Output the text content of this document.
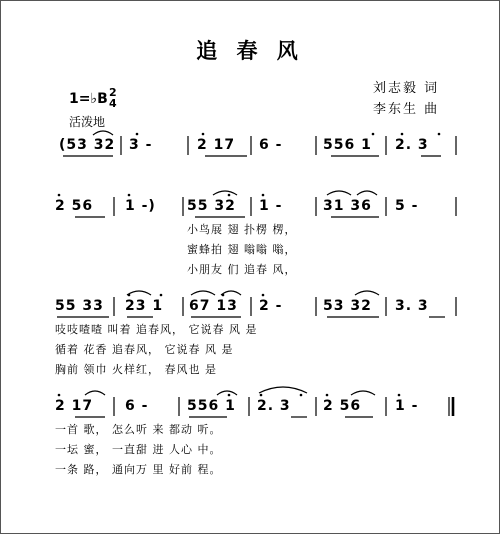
追 春 风
刘志毅 词
李东生 曲
1=♭B 2
4
活泼地
(53 32 3 -	2 17 6 -	556 1 2. 3
2 56 1 -) 55 32 1 -	31 36 5 -
小鸟展 翅 扑楞 楞，
蜜蜂拍 翅 嗡嗡 嗡，
小朋友 们 追春 风，
55 33 23 1 67 13 2 -	53 32 3. 3
吱吱喳喳 叫着 追春风， 它说春 风 是
循着 花香 追春风， 它说春 风 是
胸前 领巾 火样红， 春风也 是
2 17 6 -	556 1 2. 3 2 56 1 -
一首 歌， 怎么听 来 都动 听。
一坛 蜜， 一直甜 进 人心 中。
一条 路， 通向万 里 好前 程。
